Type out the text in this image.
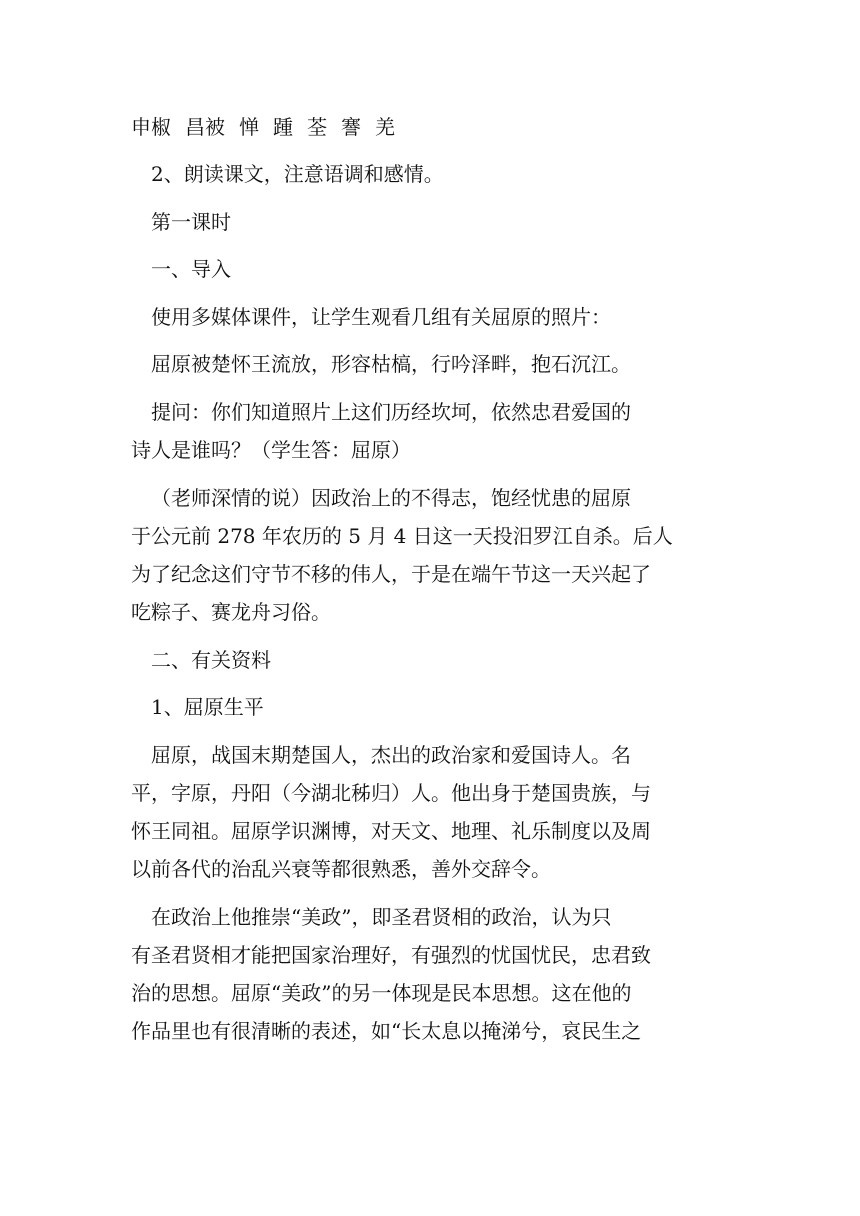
申椒 昌被 惮 踵 荃 謇 羌
2、朗读课文，注意语调和感情。
第一课时
一、导入
使用多媒体课件，让学生观看几组有关屈原的照片：
屈原被楚怀王流放，形容枯槁，行吟泽畔，抱石沉江。
提问：你们知道照片上这们历经坎坷，依然忠君爱国的
诗人是谁吗？（学生答：屈原）
（老师深情的说）因政治上的不得志，饱经忧患的屈原
于公元前 278 年农历的 5 月 4 日这一天投汨罗江自杀。后人
为了纪念这们守节不移的伟人，于是在端午节这一天兴起了
吃粽子、赛龙舟习俗。
二、有关资料
1、屈原生平
屈原，战国末期楚国人，杰出的政治家和爱国诗人。名
平，字原，丹阳（今湖北秭归）人。他出身于楚国贵族，与
怀王同祖。屈原学识渊博，对天文、地理、礼乐制度以及周
以前各代的治乱兴衰等都很熟悉，善外交辞令。
在政治上他推崇“美政”，即圣君贤相的政治，认为只
有圣君贤相才能把国家治理好，有强烈的忧国忧民，忠君致
治的思想。屈原“美政”的另一体现是民本思想。这在他的
作品里也有很清晰的表述，如“长太息以掩涕兮，哀民生之
